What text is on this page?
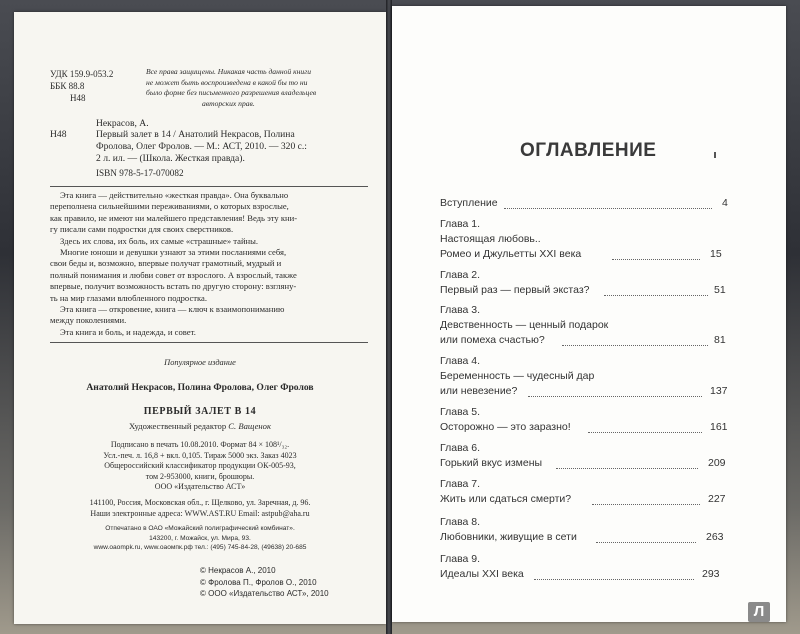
УДК 159.9-053.2
ББК 88.8
Н48
Все права защищены. Никакая часть данной книги
не может быть воспроизведена в какой бы то ни
было форме без письменного разрешения владельцев
авторских прав.
Некрасов, А.
Н48	Первый залет в 14 / Анатолий Некрасов, Полина
Фролова, Олег Фролов. — М.: АСТ, 2010. — 320 с.:
2 л. ил. — (Школа. Жесткая правда).
ISBN 978-5-17-070082
Эта книга — действительно «жесткая правда». Она буквально
переполнена сильнейшими переживаниями, о которых взрослые,
как правило, не имеют ни малейшего представления! Ведь эту кни-
гу писали сами подростки для своих сверстников.
Здесь их слова, их боль, их самые «страшные» тайны.
Многие юноши и девушки узнают за этими посланиями себя,
свои беды и, возможно, впервые получат грамотный, мудрый и
полный понимания и любви совет от взрослого. А взрослый, также
впервые, получит возможность встать по другую сторону: взгляну-
ть на мир глазами влюбленного подростка.
Эта книга — откровение, книга — ключ к взаимопониманию
между поколениями.
Эта книга и боль, и надежда, и совет.
Популярное издание
Анатолий Некрасов, Полина Фролова, Олег Фролов
ПЕРВЫЙ ЗАЛЕТ В 14
Художественный редактор С. Ващенок
Подписано в печать 10.08.2010. Формат 84 × 108¹/₃₂.
Усл.-печ. л. 16,8 + вкл. 0,105. Тираж 5000 экз. Заказ 4023
Общероссийский классификатор продукции ОК-005-93,
том 2-953000, книги, брошюры.
ООО «Издательство АСТ»
141100, Россия, Московская обл., г. Щелково, ул. Заречная, д. 96.
Наши электронные адреса: WWW.AST.RU Email: astpub@aha.ru
Отпечатано в ОАО «Можайский полиграфический комбинат».
143200, г. Можайск, ул. Мира, 93.
www.oaompk.ru, www.оаомпк.рф тел.: (495) 745-84-28, (49638) 20-685
© Некрасов А., 2010
© Фролова П., Фролов О., 2010
© ООО «Издательство АСТ», 2010
ОГЛАВЛЕНИЕ
Вступление	4
Глава 1.
Настоящая любовь..
Ромео и Джульетты XXI века	15
Глава 2.
Первый раз — первый экстаз?	51
Глава 3.
Девственность — ценный подарок
или помеха счастью?	81
Глава 4.
Беременность — чудесный дар
или невезение?	137
Глава 5.
Осторожно — это заразно!	161
Глава 6.
Горький вкус измены	209
Глава 7.
Жить или сдаться смерти?	227
Глава 8.
Любовники, живущие в сети	263
Глава 9.
Идеалы XXI века	293
Л
